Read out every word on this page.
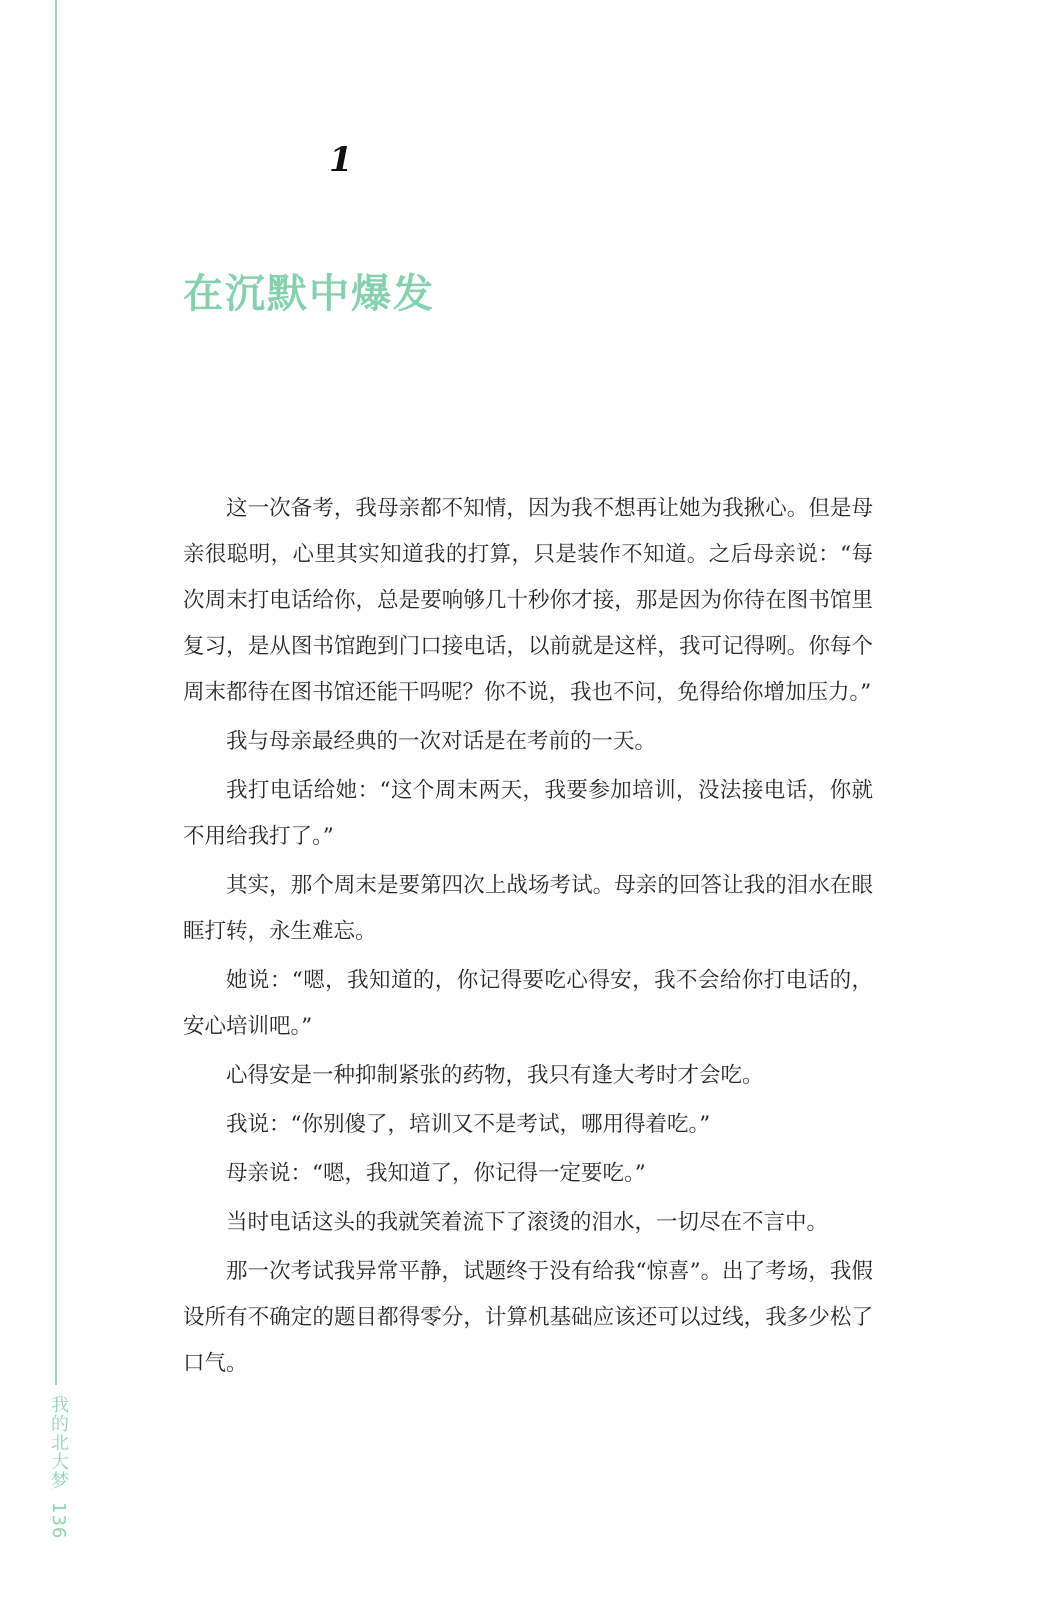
1
在沉默中爆发

这一次备考，我母亲都不知情，因为我不想再让她为我揪心。但是母亲很聪明，心里其实知道我的打算，只是装作不知道。之后母亲说：“每次周末打电话给你，总是要响够几十秒你才接，那是因为你待在图书馆里复习，是从图书馆跑到门口接电话，以前就是这样，我可记得咧。你每个周末都待在图书馆还能干吗呢？你不说，我也不问，免得给你增加压力。”

我与母亲最经典的一次对话是在考前的一天。

我打电话给她：“这个周末两天，我要参加培训，没法接电话，你就不用给我打了。”

其实，那个周末是要第四次上战场考试。母亲的回答让我的泪水在眼眶打转，永生难忘。

她说：“嗯，我知道的，你记得要吃心得安，我不会给你打电话的，安心培训吧。”

心得安是一种抑制紧张的药物，我只有逢大考时才会吃。

我说：“你别傻了，培训又不是考试，哪用得着吃。”

母亲说：“嗯，我知道了，你记得一定要吃。”

当时电话这头的我就笑着流下了滚烫的泪水，一切尽在不言中。

那一次考试我异常平静，试题终于没有给我“惊喜”。出了考场，我假设所有不确定的题目都得零分，计算机基础应该还可以过线，我多少松了口气。

我的北大梦
136
